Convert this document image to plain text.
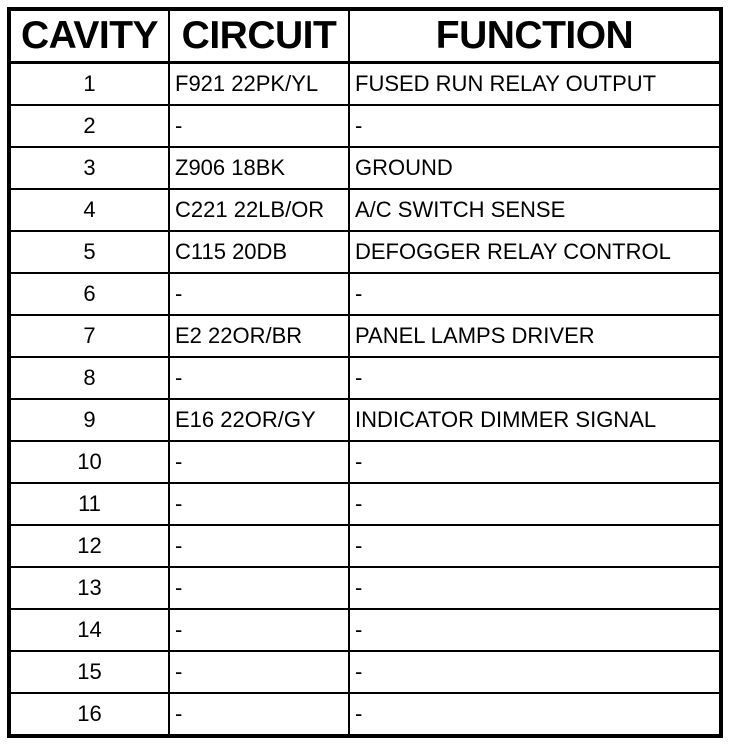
CAVITY	CIRCUIT	FUNCTION
1	F921 22PK/YL	FUSED RUN RELAY OUTPUT
2	-	-
3	Z906 18BK	GROUND
4	C221 22LB/OR	A/C SWITCH SENSE
5	C115 20DB	DEFOGGER RELAY CONTROL
6	-	-
7	E2 22OR/BR	PANEL LAMPS DRIVER
8	-	-
9	E16 22OR/GY	INDICATOR DIMMER SIGNAL
10	-	-
11	-	-
12	-	-
13	-	-
14	-	-
15	-	-
16	-	-
